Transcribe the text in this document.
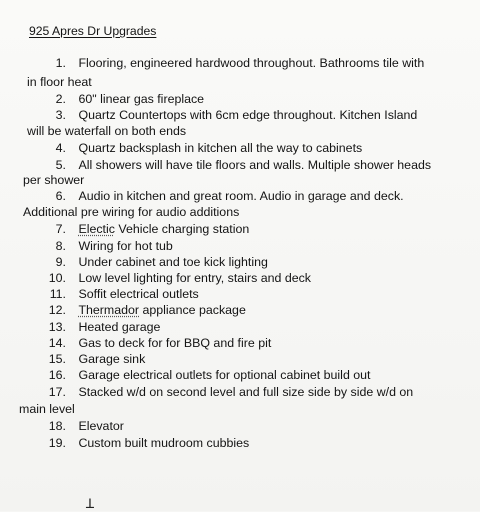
925 Apres Dr Upgrades
1. Flooring, engineered hardwood throughout. Bathrooms tile with
in floor heat
2. 60" linear gas fireplace
3. Quartz Countertops with 6cm edge throughout. Kitchen Island
will be waterfall on both ends
4. Quartz backsplash in kitchen all the way to cabinets
5. All showers will have tile floors and walls. Multiple shower heads
per shower
6. Audio in kitchen and great room. Audio in garage and deck.
Additional pre wiring for audio additions
7. Electic Vehicle charging station
8. Wiring for hot tub
9. Under cabinet and toe kick lighting
10. Low level lighting for entry, stairs and deck
11. Soffit electrical outlets
12. Thermador appliance package
13. Heated garage
14. Gas to deck for for BBQ and fire pit
15. Garage sink
16. Garage electrical outlets for optional cabinet build out
17. Stacked w/d on second level and full size side by side w/d on
main level
18. Elevator
19. Custom built mudroom cubbies
ꓕ
